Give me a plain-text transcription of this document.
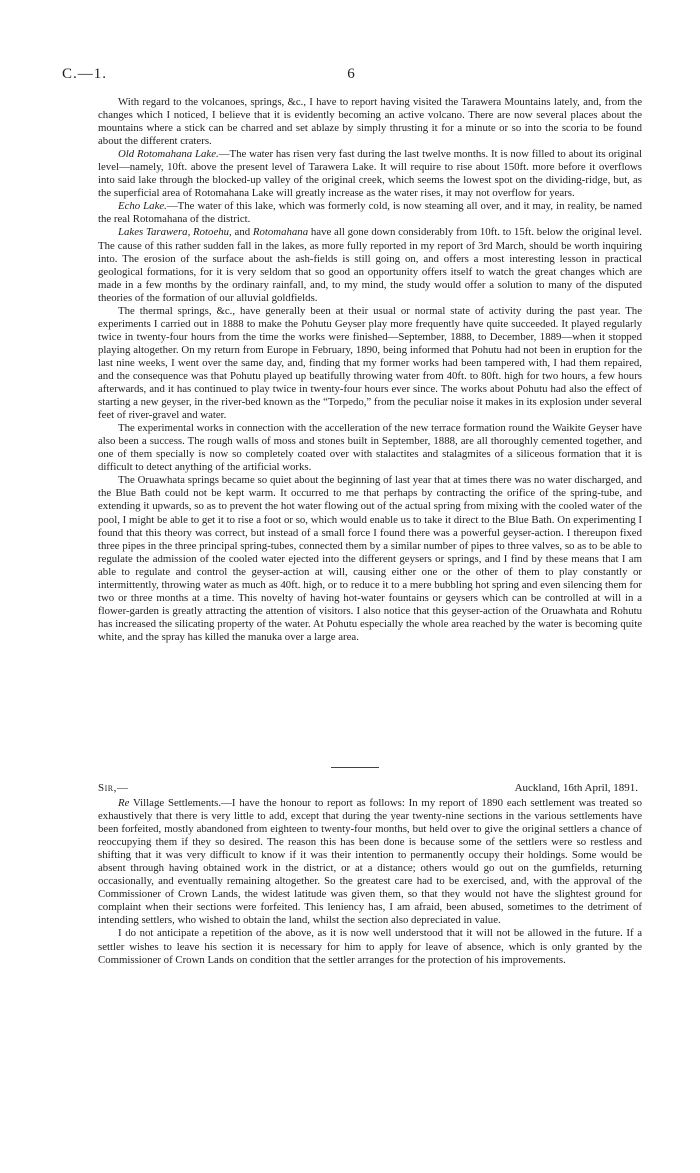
C.—1.	6

With regard to the volcanoes, springs, &c., I have to report having visited the Tarawera Mountains lately, and, from the changes which I noticed, I believe that it is evidently becoming an active volcano. There are now several places about the mountains where a stick can be charred and set ablaze by simply thrusting it for a minute or so into the scoria to be found about the different craters.

Old Rotomahana Lake.—The water has risen very fast during the last twelve months. It is now filled to about its original level—namely, 10ft. above the present level of Tarawera Lake. It will require to rise about 150ft. more before it overflows into said lake through the blocked-up valley of the original creek, which seems the lowest spot on the dividing-ridge, but, as the superficial area of Rotomahana Lake will greatly increase as the water rises, it may not overflow for years.

Echo Lake.—The water of this lake, which was formerly cold, is now steaming all over, and it may, in reality, be named the real Rotomahana of the district.

Lakes Tarawera, Rotoehu, and Rotomahana have all gone down considerably from 10ft. to 15ft. below the original level. The cause of this rather sudden fall in the lakes, as more fully reported in my report of 3rd March, should be worth inquiring into. The erosion of the surface about the ash-fields is still going on, and offers a most interesting lesson in practical geological formations, for it is very seldom that so good an opportunity offers itself to watch the great changes which are made in a few months by the ordinary rainfall, and, to my mind, the study would offer a solution to many of the disputed theories of the formation of our alluvial goldfields.

The thermal springs, &c., have generally been at their usual or normal state of activity during the past year. The experiments I carried out in 1888 to make the Pohutu Geyser play more frequently have quite succeeded. It played regularly twice in twenty-four hours from the time the works were finished—September, 1888, to December, 1889—when it stopped playing altogether. On my return from Europe in February, 1890, being informed that Pohutu had not been in eruption for the last nine weeks, I went over the same day, and, finding that my former works had been tampered with, I had them repaired, and the consequence was that Pohutu played up beatifully throwing water from 40ft. to 80ft. high for two hours, a few hours afterwards, and it has continued to play twice in twenty-four hours ever since. The works about Pohutu had also the effect of starting a new geyser, in the river-bed known as the “Torpedo,” from the peculiar noise it makes in its explosion under several feet of river-gravel and water.

The experimental works in connection with the accelleration of the new terrace formation round the Waikite Geyser have also been a success. The rough walls of moss and stones built in September, 1888, are all thoroughly cemented together, and one of them specially is now so completely coated over with stalactites and stalagmites of a siliceous formation that it is difficult to detect anything of the artificial works.

The Oruawhata springs became so quiet about the beginning of last year that at times there was no water discharged, and the Blue Bath could not be kept warm. It occurred to me that perhaps by contracting the orifice of the spring-tube, and extending it upwards, so as to prevent the hot water flowing out of the actual spring from mixing with the cooled water of the pool, I might be able to get it to rise a foot or so, which would enable us to take it direct to the Blue Bath. On experimenting I found that this theory was correct, but instead of a small force I found there was a powerful geyser-action. I thereupon fixed three pipes in the three principal spring-tubes, connected them by a similar number of pipes to three valves, so as to be able to regulate the admission of the cooled water ejected into the different geysers or springs, and I find by these means that I am able to regulate and control the geyser-action at will, causing either one or the other of them to play constantly or intermittently, throwing water as much as 40ft. high, or to reduce it to a mere bubbling hot spring and even silencing them for two or three months at a time. This novelty of having hot-water fountains or geysers which can be controlled at will in a flower-garden is greatly attracting the attention of visitors. I also notice that this geyser-action of the Oruawhata and Rohutu has increased the silicating property of the water. At Pohutu especially the whole area reached by the water is becoming quite white, and the spray has killed the manuka over a large area.

Sir,—	Auckland, 16th April, 1891.

Re Village Settlements.—I have the honour to report as follows: In my report of 1890 each settlement was treated so exhaustively that there is very little to add, except that during the year twenty-nine sections in the various settlements have been forfeited, mostly abandoned from eighteen to twenty-four months, but held over to give the original settlers a chance of reoccupying them if they so desired. The reason this has been done is because some of the settlers were so restless and shifting that it was very difficult to know if it was their intention to permanently occupy their holdings. Some would be absent through having obtained work in the district, or at a distance; others would go out on the gumfields, returning occasionally, and eventually remaining altogether. So the greatest care had to be exercised, and, with the approval of the Commissioner of Crown Lands, the widest latitude was given them, so that they would not have the slightest ground for complaint when their sections were forfeited. This leniency has, I am afraid, been abused, sometimes to the detriment of intending settlers, who wished to obtain the land, whilst the section also depreciated in value.

I do not anticipate a repetition of the above, as it is now well understood that it will not be allowed in the future. If a settler wishes to leave his section it is necessary for him to apply for leave of absence, which is only granted by the Commissioner of Crown Lands on condition that the settler arranges for the protection of his improvements.
